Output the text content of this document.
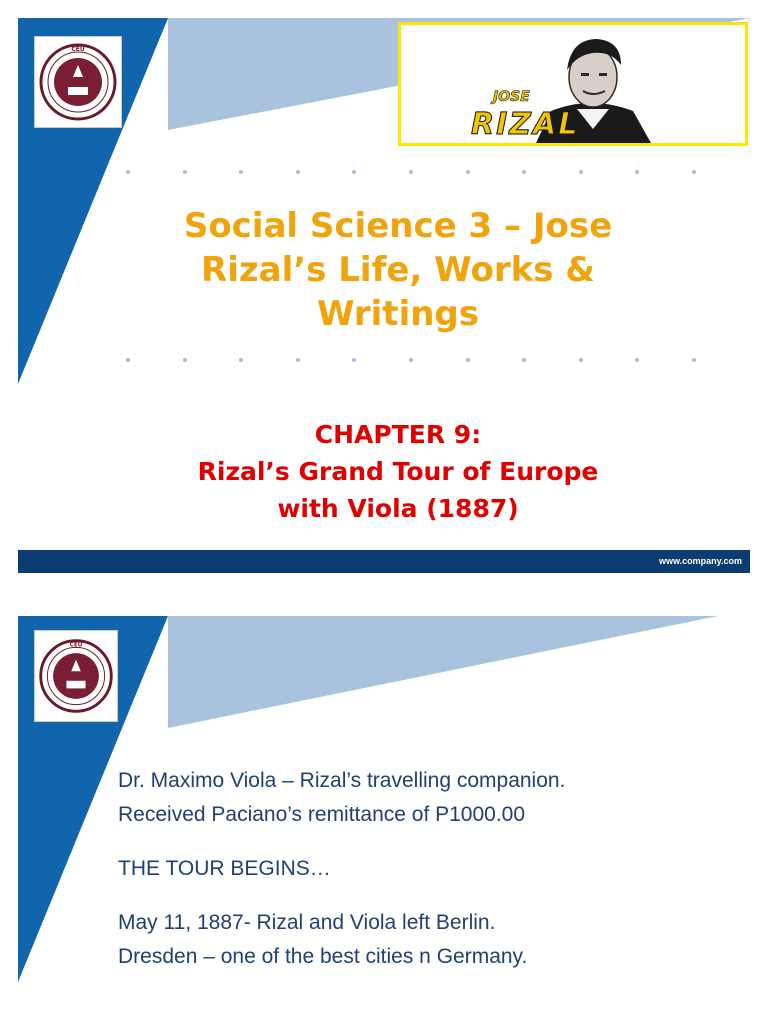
CEU
JOSE
RIZAL
Social Science 3 – Jose
Rizal’s Life, Works &
Writings
CHAPTER 9:
Rizal’s Grand Tour of Europe
with Viola (1887)
www.company.com
CEU
Dr. Maximo Viola – Rizal’s travelling companion.
Received Paciano’s remittance of P1000.00
THE TOUR BEGINS…
May 11, 1887- Rizal and Viola left Berlin.
Dresden – one of the best cities n Germany.
